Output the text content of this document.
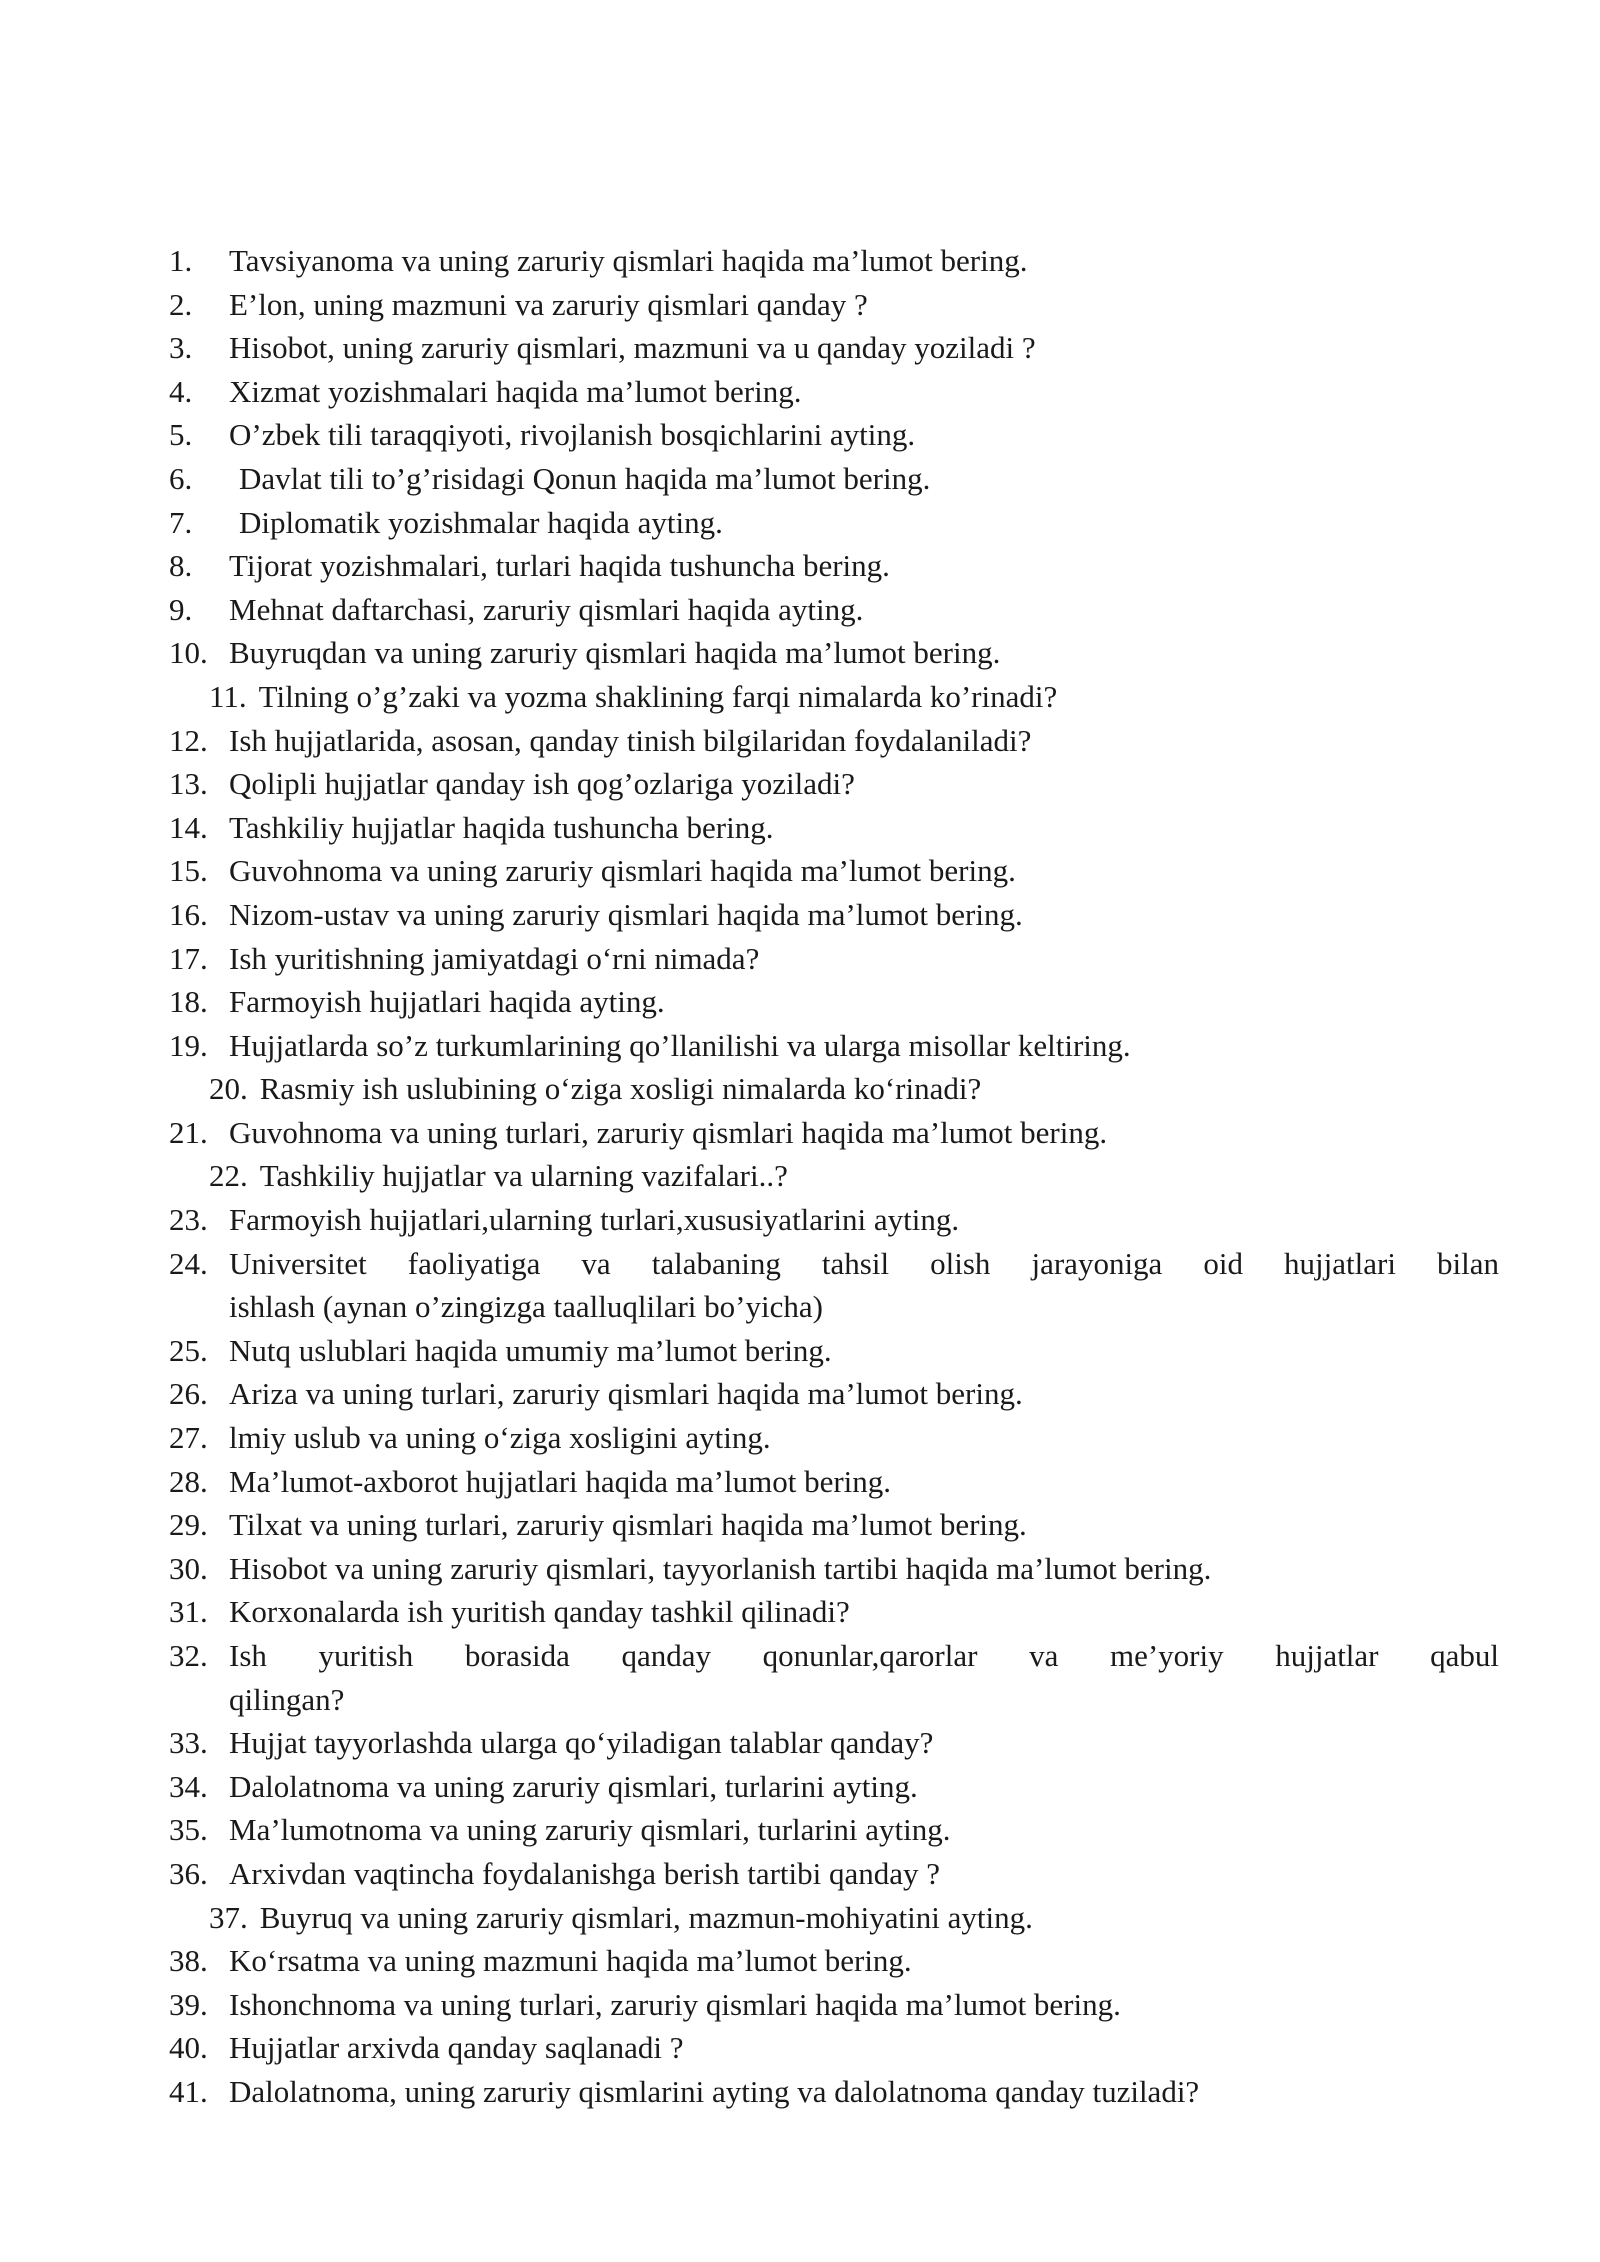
1.	Tavsiyanoma va uning zaruriy qismlari haqida ma’lumot bering.
2.	E’lon, uning mazmuni va zaruriy qismlari qanday ?
3.	Hisobot, uning zaruriy qismlari, mazmuni va u qanday yoziladi ?
4.	Xizmat yozishmalari haqida ma’lumot bering.
5.	O’zbek tili taraqqiyoti, rivojlanish bosqichlarini ayting.
6.	Davlat tili to’g’risidagi Qonun haqida ma’lumot bering.
7.	Diplomatik yozishmalar haqida ayting.
8.	Tijorat yozishmalari, turlari haqida tushuncha bering.
9.	Mehnat daftarchasi, zaruriy qismlari haqida ayting.
10. Buyruqdan va uning zaruriy qismlari haqida ma’lumot bering.
11. Tilning o’g’zaki va yozma shaklining farqi nimalarda ko’rinadi?
12. Ish hujjatlarida, asosan, qanday tinish bilgilaridan foydalaniladi?
13. Qolipli hujjatlar qanday ish qog’ozlariga yoziladi?
14. Tashkiliy hujjatlar haqida tushuncha bering.
15. Guvohnoma va uning zaruriy qismlari haqida ma’lumot bering.
16. Nizom-ustav va uning zaruriy qismlari haqida ma’lumot bering.
17. Ish yuritishning jamiyatdagi o‘rni nimada?
18. Farmoyish hujjatlari haqida ayting.
19. Hujjatlarda so’z turkumlarining qo’llanilishi va ularga misollar keltiring.
20. Rasmiy ish uslubining o‘ziga xosligi nimalarda ko‘rinadi?
21. Guvohnoma va uning turlari, zaruriy qismlari haqida ma’lumot bering.
22. Tashkiliy hujjatlar va ularning vazifalari..?
23. Farmoyish hujjatlari,ularning turlari,xususiyatlarini ayting.
24. Universitet faoliyatiga va talabaning tahsil olish jarayoniga oid hujjatlari bilan
ishlash (aynan o’zingizga taalluqlilari bo’yicha)
25. Nutq uslublari haqida umumiy ma’lumot bering.
26. Ariza va uning turlari, zaruriy qismlari haqida ma’lumot bering.
27. lmiy uslub va uning o‘ziga xosligini ayting.
28. Ma’lumot-axborot hujjatlari haqida ma’lumot bering.
29. Tilxat va uning turlari, zaruriy qismlari haqida ma’lumot bering.
30. Hisobot va uning zaruriy qismlari, tayyorlanish tartibi haqida ma’lumot bering.
31. Korxonalarda ish yuritish qanday tashkil qilinadi?
32. Ish yuritish borasida qanday qonunlar,qarorlar va me’yoriy hujjatlar qabul
qilingan?
33. Hujjat tayyorlashda ularga qo‘yiladigan talablar qanday?
34. Dalolatnoma va uning zaruriy qismlari, turlarini ayting.
35. Ma’lumotnoma va uning zaruriy qismlari, turlarini ayting.
36. Arxivdan vaqtincha foydalanishga berish tartibi qanday ?
37. Buyruq va uning zaruriy qismlari, mazmun-mohiyatini ayting.
38. Ko‘rsatma va uning mazmuni haqida ma’lumot bering.
39. Ishonchnoma va uning turlari, zaruriy qismlari haqida ma’lumot bering.
40. Hujjatlar arxivda qanday saqlanadi ?
41. Dalolatnoma, uning zaruriy qismlarini ayting va dalolatnoma qanday tuziladi?
